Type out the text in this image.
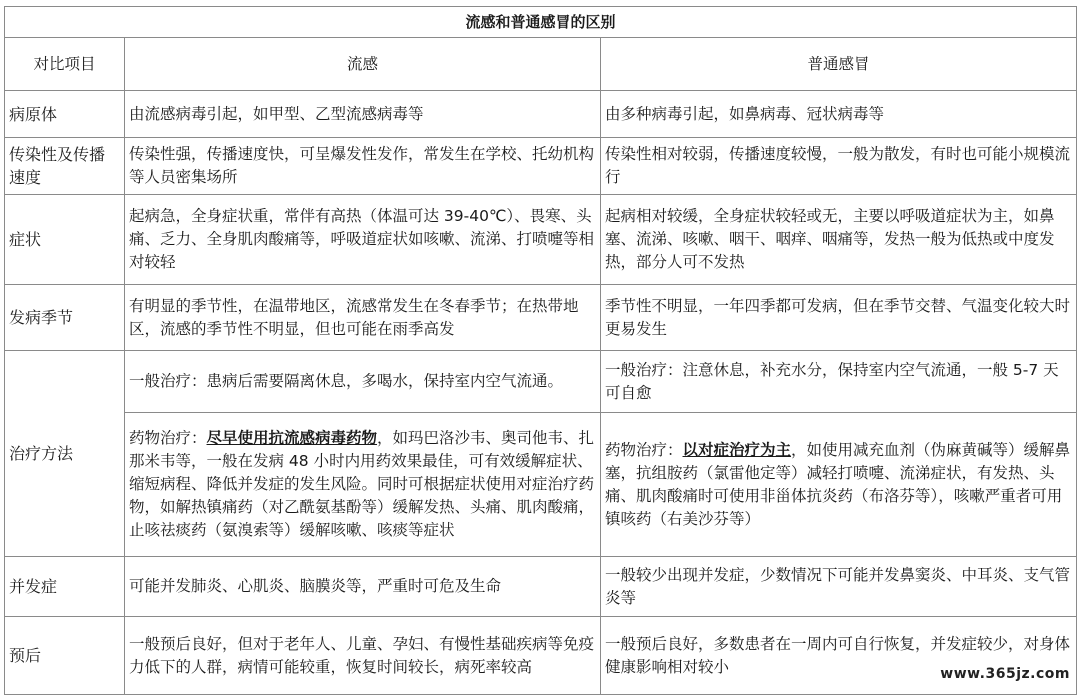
流感和普通感冒的区别		
对比项目	流感	普通感冒
病原体	由流感病毒引起，如甲型、乙型流感病毒等	由多种病毒引起，如鼻病毒、冠状病毒等
传染性及传播速度	传染性强，传播速度快，可呈爆发性发作，常发生在学校、托幼机构等人员密集场所	传染性相对较弱，传播速度较慢，一般为散发，有时也可能小规模流行
症状	起病急，全身症状重，常伴有高热（体温可达 39-40℃）、畏寒、头痛、乏力、全身肌肉酸痛等，呼吸道症状如咳嗽、流涕、打喷嚏等相对较轻	起病相对较缓，全身症状较轻或无，主要以呼吸道症状为主，如鼻塞、流涕、咳嗽、咽干、咽痒、咽痛等，发热一般为低热或中度发热，部分人可不发热
发病季节	有明显的季节性，在温带地区，流感常发生在冬春季节；在热带地区，流感的季节性不明显，但也可能在雨季高发	季节性不明显，一年四季都可发病，但在季节交替、气温变化较大时更易发生
治疗方法	一般治疗：患病后需要隔离休息，多喝水，保持室内空气流通。	一般治疗：注意休息，补充水分，保持室内空气流通，一般 5-7 天可自愈
	药物治疗：尽早使用抗流感病毒药物，如玛巴洛沙韦、奥司他韦、扎那米韦等，一般在发病 48 小时内用药效果最佳，可有效缓解症状、缩短病程、降低并发症的发生风险。同时可根据症状使用对症治疗药物，如解热镇痛药（对乙酰氨基酚等）缓解发热、头痛、肌肉酸痛，止咳祛痰药（氨溴索等）缓解咳嗽、咳痰等症状	药物治疗：以对症治疗为主，如使用减充血剂（伪麻黄碱等）缓解鼻塞，抗组胺药（氯雷他定等）减轻打喷嚏、流涕症状，有发热、头痛、肌肉酸痛时可使用非甾体抗炎药（布洛芬等），咳嗽严重者可用镇咳药（右美沙芬等）
并发症	可能并发肺炎、心肌炎、脑膜炎等，严重时可危及生命	一般较少出现并发症，少数情况下可能并发鼻窦炎、中耳炎、支气管炎等
预后	一般预后良好，但对于老年人、儿童、孕妇、有慢性基础疾病等免疫力低下的人群，病情可能较重，恢复时间较长，病死率较高	一般预后良好，多数患者在一周内可自行恢复，并发症较少，对身体健康影响相对较小	www.365jz.com
